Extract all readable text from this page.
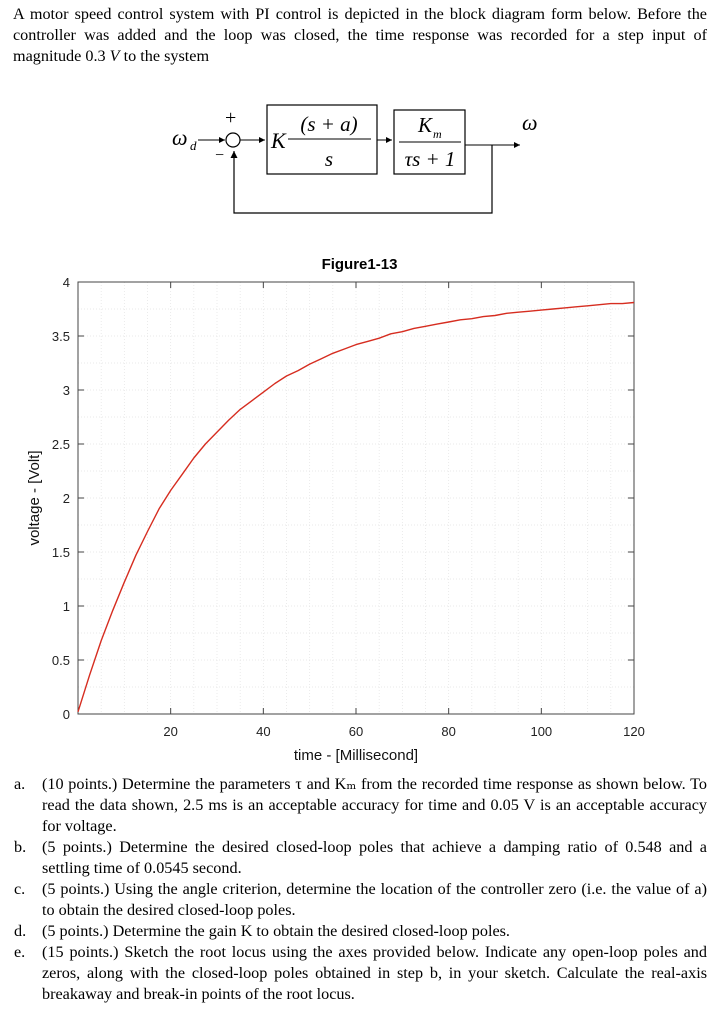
A motor speed control system with PI control is depicted in the block diagram form below. Before the controller was added and the loop was closed, the time response was recorded for a step input of magnitude 0.3 V to the system

ω d
+
−
K
(s + a)
s
K m
τs + 1
ω
Figure1-13
20	40	60	80	100	120
0
0.5
1
1.5
2
2.5
3
3.5
4
time - [Millisecond]
voltage - [Volt]
a. (10 points.) Determine the parameters τ and Kₘ from the recorded time response as shown below. To read the data shown, 2.5 ms is an acceptable accuracy for time and 0.05 V is an acceptable accuracy for voltage.
b. (5 points.) Determine the desired closed-loop poles that achieve a damping ratio of 0.548 and a settling time of 0.0545 second.
c. (5 points.) Using the angle criterion, determine the location of the controller zero (i.e. the value of a) to obtain the desired closed-loop poles.
d. (5 points.) Determine the gain K to obtain the desired closed-loop poles.
e. (15 points.) Sketch the root locus using the axes provided below. Indicate any open-loop poles and zeros, along with the closed-loop poles obtained in step b, in your sketch. Calculate the real-axis breakaway and break-in points of the root locus.
